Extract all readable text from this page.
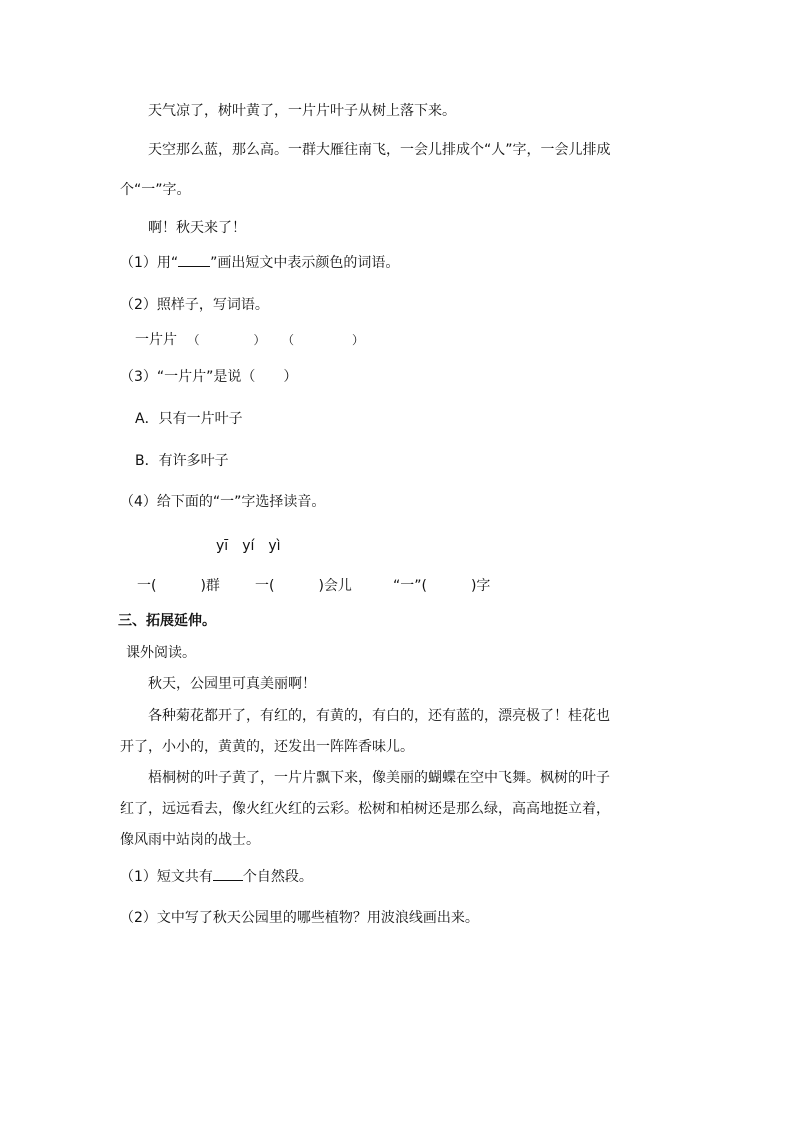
天气凉了，树叶黄了，一片片叶子从树上落下来。
天空那么蓝，那么高。一群大雁往南飞，一会儿排成个“人”字，一会儿排成
个“一”字。
啊！秋天来了！
（1）用“ ”画出短文中表示颜色的词语。
（2）照样子，写词语。
一片片 （	） （	）
（3）“一片片”是说（　　）
A．只有一片叶子
B．有许多叶子
（4）给下面的“一”字选择读音。
yī yí yì
一(	)群	一(	)会儿	“一”(	)字
三、拓展延伸。
课外阅读。
秋天，公园里可真美丽啊！
各种菊花都开了，有红的，有黄的，有白的，还有蓝的，漂亮极了！桂花也
开了，小小的，黄黄的，还发出一阵阵香味儿。
梧桐树的叶子黄了，一片片飘下来，像美丽的蝴蝶在空中飞舞。枫树的叶子
红了，远远看去，像火红火红的云彩。松树和柏树还是那么绿，高高地挺立着，
像风雨中站岗的战士。
（1）短文共有 个自然段。
（2）文中写了秋天公园里的哪些植物？用波浪线画出来。
